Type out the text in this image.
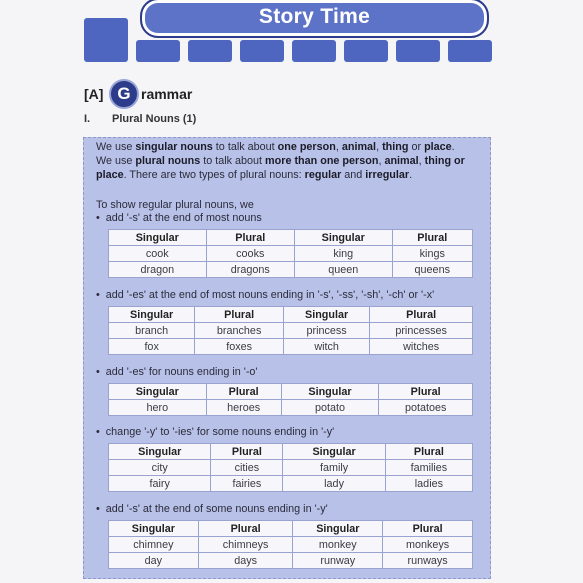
Story Time
[A] G rammar
I. Plural Nouns (1)

We use singular nouns to talk about one person, animal, thing or place.

We use plural nouns to talk about more than one person, animal, thing or place. There are two types of plural nouns: regular and irregular.

To show regular plural nouns, we
• add '-s' at the end of most nouns
Singular	Plural	Singular	Plural
cook	cooks	king	kings
dragon	dragons	queen	queens
• add '-es' at the end of most nouns ending in '-s', '-ss', '-sh', '-ch' or '-x'
Singular	Plural	Singular	Plural
branch	branches	princess	princesses
fox	foxes	witch	witches
• add '-es' for nouns ending in '-o'
Singular	Plural	Singular	Plural
hero	heroes	potato	potatoes
• change '-y' to '-ies' for some nouns ending in '-y'
Singular	Plural	Singular	Plural
city	cities	family	families
fairy	fairies	lady	ladies
• add '-s' at the end of some nouns ending in '-y'
Singular	Plural	Singular	Plural
chimney	chimneys	monkey	monkeys
day	days	runway	runways
